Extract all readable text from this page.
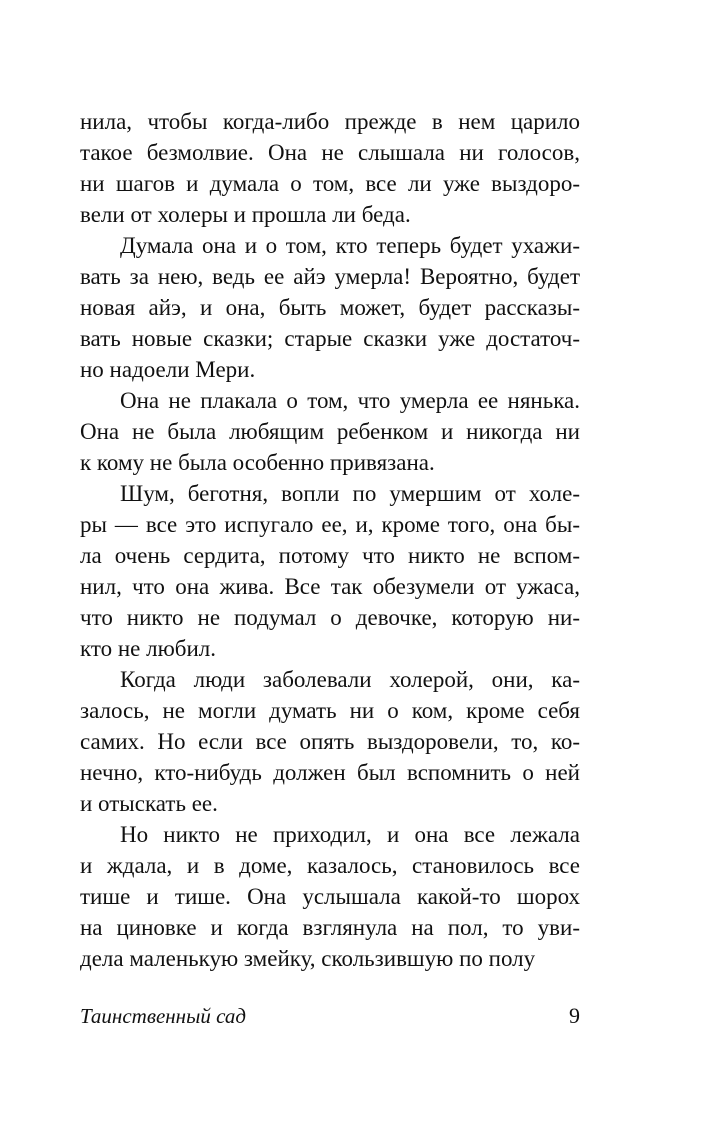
нила, чтобы когда-либо прежде в нем царило
такое безмолвие. Она не слышала ни голосов,
ни шагов и думала о том, все ли уже выздоро-
вели от холеры и прошла ли беда.
Думала она и о том, кто теперь будет ухажи-
вать за нею, ведь ее айэ умерла! Вероятно, будет
новая айэ, и она, быть может, будет рассказы-
вать новые сказки; старые сказки уже достаточ-
но надоели Мери.
Она не плакала о том, что умерла ее нянька.
Она не была любящим ребенком и никогда ни
к кому не была особенно привязана.
Шум, беготня, вопли по умершим от холе-
ры — все это испугало ее, и, кроме того, она бы-
ла очень сердита, потому что никто не вспом-
нил, что она жива. Все так обезумели от ужаса,
что никто не подумал о девочке, которую ни-
кто не любил.
Когда люди заболевали холерой, они, ка-
залось, не могли думать ни о ком, кроме себя
самих. Но если все опять выздоровели, то, ко-
нечно, кто-нибудь должен был вспомнить о ней
и отыскать ее.
Но никто не приходил, и она все лежала
и ждала, и в доме, казалось, становилось все
тише и тише. Она услышала какой-то шорох
на циновке и когда взглянула на пол, то уви-
дела маленькую змейку, скользившую по полу
Таинственный сад	9
